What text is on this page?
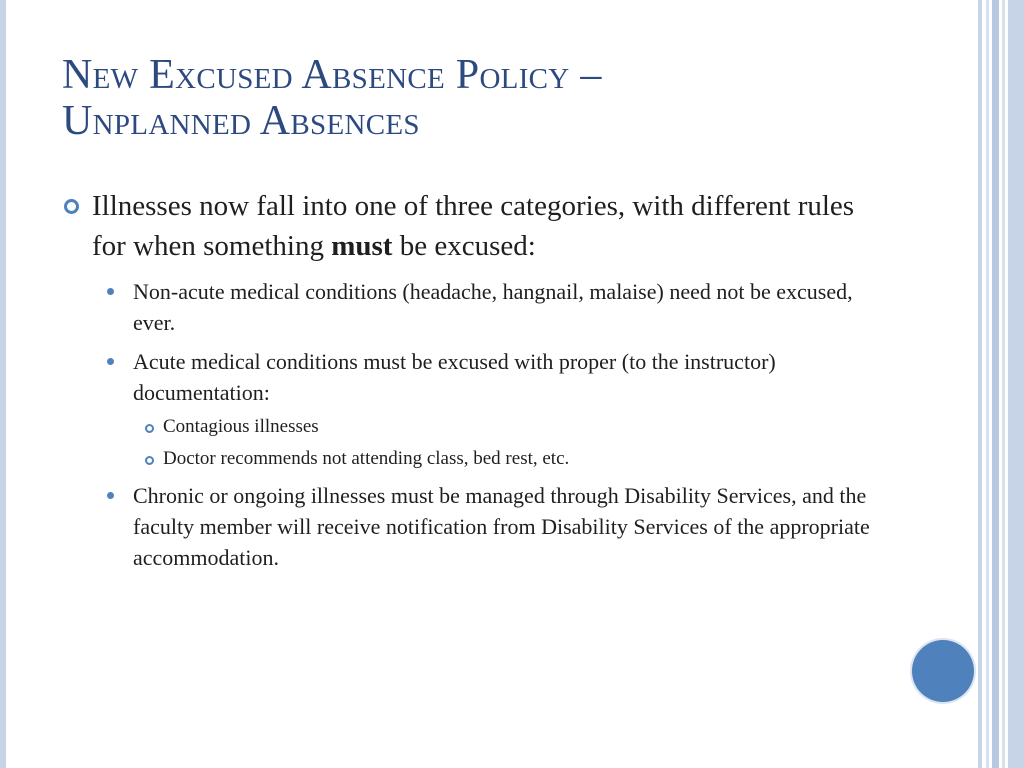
New Excused Absence Policy –
Unplanned Absences
Illnesses now fall into one of three categories, with different rules for when something must be excused:
Non-acute medical conditions (headache, hangnail, malaise) need not be excused, ever.
Acute medical conditions must be excused with proper (to the instructor) documentation:
Contagious illnesses
Doctor recommends not attending class, bed rest, etc.
Chronic or ongoing illnesses must be managed through Disability Services, and the faculty member will receive notification from Disability Services of the appropriate accommodation.
